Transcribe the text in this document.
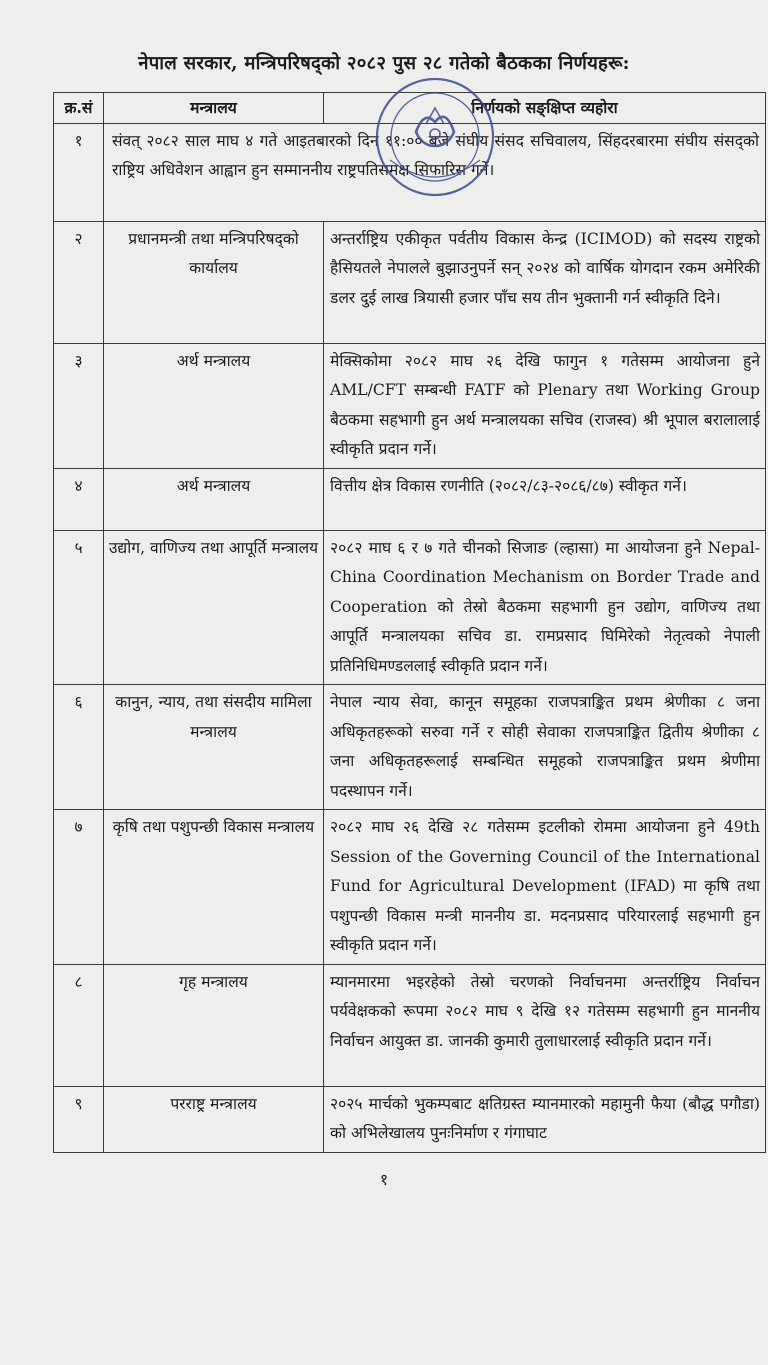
नेपाल सरकार, मन्त्रिपरिषद्को २०८२ पुस २८ गतेको बैठकका निर्णयहरू:
क्र.सं	मन्त्रालय	निर्णयको सङ्क्षिप्त व्यहोरा
१	संवत् २०८२ साल माघ ४ गते आइतबारको दिन ११:०० बजे संघीय संसद सचिवालय, सिंहदरबारमा संघीय संसद्को राष्ट्रिय अधिवेशन आह्वान हुन सम्माननीय राष्ट्रपतिसमक्ष सिफारिस गर्ने।	
२	प्रधानमन्त्री तथा मन्त्रिपरिषद्को कार्यालय	अन्तर्राष्ट्रिय एकीकृत पर्वतीय विकास केन्द्र (ICIMOD) को सदस्य राष्ट्रको हैसियतले नेपालले बुझाउनुपर्ने सन् २०२४ को वार्षिक योगदान रकम अमेरिकी डलर दुई लाख त्रियासी हजार पाँच सय तीन भुक्तानी गर्न स्वीकृति दिने।
३	अर्थ मन्त्रालय	मेक्सिकोमा २०८२ माघ २६ देखि फागुन १ गतेसम्म आयोजना हुने AML/CFT सम्बन्धी FATF को Plenary तथा Working Group बैठकमा सहभागी हुन अर्थ मन्त्रालयका सचिव (राजस्व) श्री भूपाल बरालालाई स्वीकृति प्रदान गर्ने।
४	अर्थ मन्त्रालय	वित्तीय क्षेत्र विकास रणनीति (२०८२/८३-२०८६/८७) स्वीकृत गर्ने।
५	उद्योग, वाणिज्य तथा आपूर्ति मन्त्रालय	२०८२ माघ ६ र ७ गते चीनको सिजाङ (ल्हासा) मा आयोजना हुने Nepal-China Coordination Mechanism on Border Trade and Cooperation को तेस्रो बैठकमा सहभागी हुन उद्योग, वाणिज्य तथा आपूर्ति मन्त्रालयका सचिव डा. रामप्रसाद घिमिरेको नेतृत्वको नेपाली प्रतिनिधिमण्डललाई स्वीकृति प्रदान गर्ने।
६	कानुन, न्याय, तथा संसदीय मामिला मन्त्रालय	नेपाल न्याय सेवा, कानून समूहका राजपत्राङ्कित प्रथम श्रेणीका ८ जना अधिकृतहरूको सरुवा गर्ने र सोही सेवाका राजपत्राङ्कित द्वितीय श्रेणीका ८ जना अधिकृतहरूलाई सम्बन्धित समूहको राजपत्राङ्कित प्रथम श्रेणीमा पदस्थापन गर्ने।
७	कृषि तथा पशुपन्छी विकास मन्त्रालय	२०८२ माघ २६ देखि २८ गतेसम्म इटलीको रोममा आयोजना हुने 49th Session of the Governing Council of the International Fund for Agricultural Development (IFAD) मा कृषि तथा पशुपन्छी विकास मन्त्री माननीय डा. मदनप्रसाद परियारलाई सहभागी हुन स्वीकृति प्रदान गर्ने।
८	गृह मन्त्रालय	म्यानमारमा भइरहेको तेस्रो चरणको निर्वाचनमा अन्तर्राष्ट्रिय निर्वाचन पर्यवेक्षकको रूपमा २०८२ माघ ९ देखि १२ गतेसम्म सहभागी हुन माननीय निर्वाचन आयुक्त डा. जानकी कुमारी तुलाधारलाई स्वीकृति प्रदान गर्ने।
९	परराष्ट्र मन्त्रालय	२०२५ मार्चको भुकम्पबाट क्षतिग्रस्त म्यानमारको महामुनी फैया (बौद्ध पगौडा) को अभिलेखालय पुनःनिर्माण र गंगाघाट
१
